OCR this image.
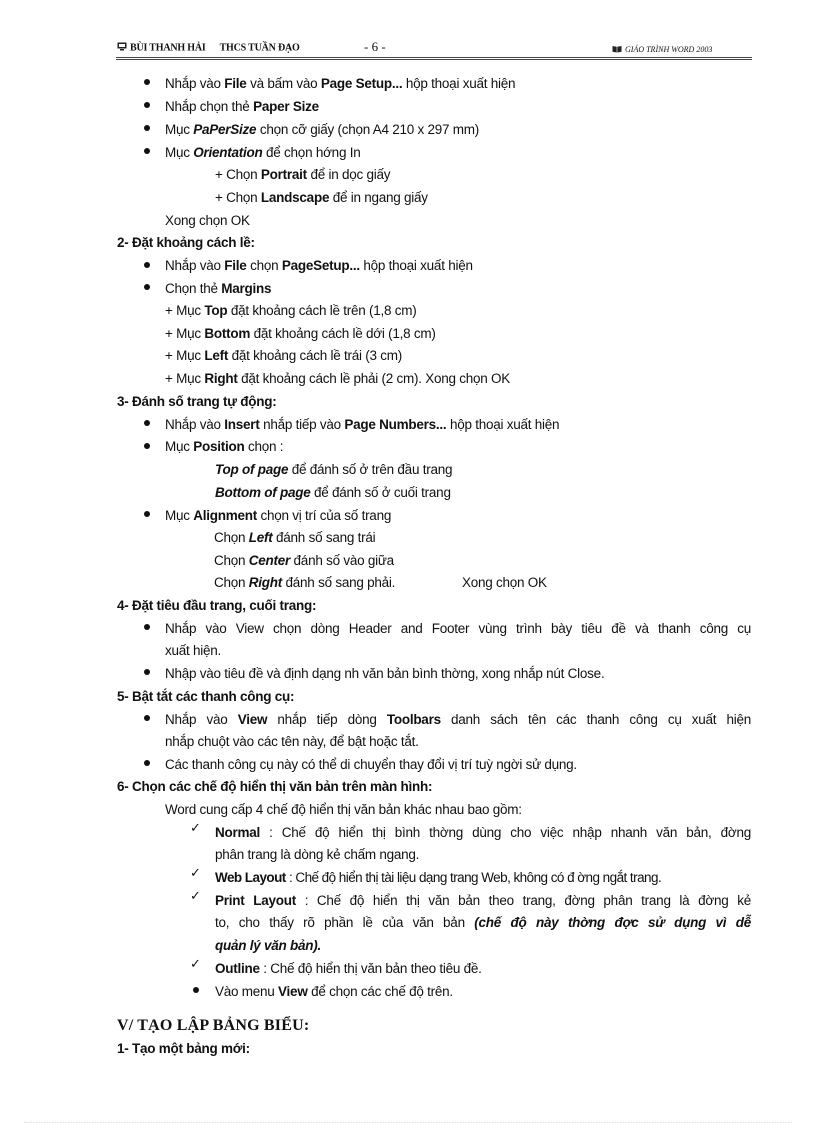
BÙI THANH HẢI THCS TUẦN ĐẠO	- 6 -	GIÁO TRÌNH WORD 2003
Nhắp vào File và bấm vào Page Setup... hộp thoại xuất hiện
Nhắp chọn thẻ Paper Size
Mục PaPerSize chọn cỡ giấy (chọn A4 210 x 297 mm)
Mục Orientation để chọn hớng In
+ Chọn Portrait để in dọc giấy
+ Chọn Landscape để in ngang giấy
Xong chọn OK
2- Đặt khoảng cách lề:
Nhắp vào File chọn PageSetup... hộp thoại xuất hiện
Chọn thẻ Margins
+ Mục Top đặt khoảng cách lề trên (1,8 cm)
+ Mục Bottom đặt khoảng cách lề dới (1,8 cm)
+ Mục Left đặt khoảng cách lề trái (3 cm)
+ Mục Right đặt khoảng cách lề phải (2 cm). Xong chọn OK
3- Đánh số trang tự động:
Nhắp vào Insert nhắp tiếp vào Page Numbers... hộp thoại xuất hiện
Mục Position chọn :
Top of page để đánh số ở trên đầu trang
Bottom of page để đánh số ở cuối trang
Mục Alignment chọn vị trí của số trang
Chọn Left đánh số sang trái
Chọn Center đánh số vào giữa
Chọn Right đánh số sang phải.	Xong chọn OK
4- Đặt tiêu đầu trang, cuối trang:
Nhắp vào View chọn dòng Header and Footer vùng trình bày tiêu đề và thanh công cụ
xuất hiện.
Nhập vào tiêu đề và định dạng nh văn bản bình thờng, xong nhắp nút Close.
5- Bật tắt các thanh công cụ:
Nhắp vào View nhắp tiếp dòng Toolbars danh sách tên các thanh công cụ xuất hiện
nhắp chuột vào các tên này, để bật hoặc tắt.
Các thanh công cụ này có thể di chuyển thay đổi vị trí tuỳ ngời sử dụng.
6- Chọn các chế độ hiển thị văn bản trên màn hình:
Word cung cấp 4 chế độ hiển thị văn bản khác nhau bao gồm:
✓ Normal : Chế độ hiển thị bình thờng dùng cho việc nhập nhanh văn bản, đờng
phân trang là dòng kẻ chấm ngang.
✓ Web Layout : Chế độ hiển thị tài liệu dạng trang Web, không có đ ờng ngắt trang.
✓ Print Layout : Chế độ hiển thị văn bản theo trang, đờng phân trang là đờng kẻ
to, cho thấy rõ phần lề của văn bản (chế độ này thờng đợc sử dụng vì dễ
quản lý văn bản).
✓ Outline : Chế độ hiển thị văn bản theo tiêu đề.
Vào menu View để chọn các chế độ trên.
V/ TẠO LẬP BẢNG BIỂU:
1- Tạo một bảng mới:
